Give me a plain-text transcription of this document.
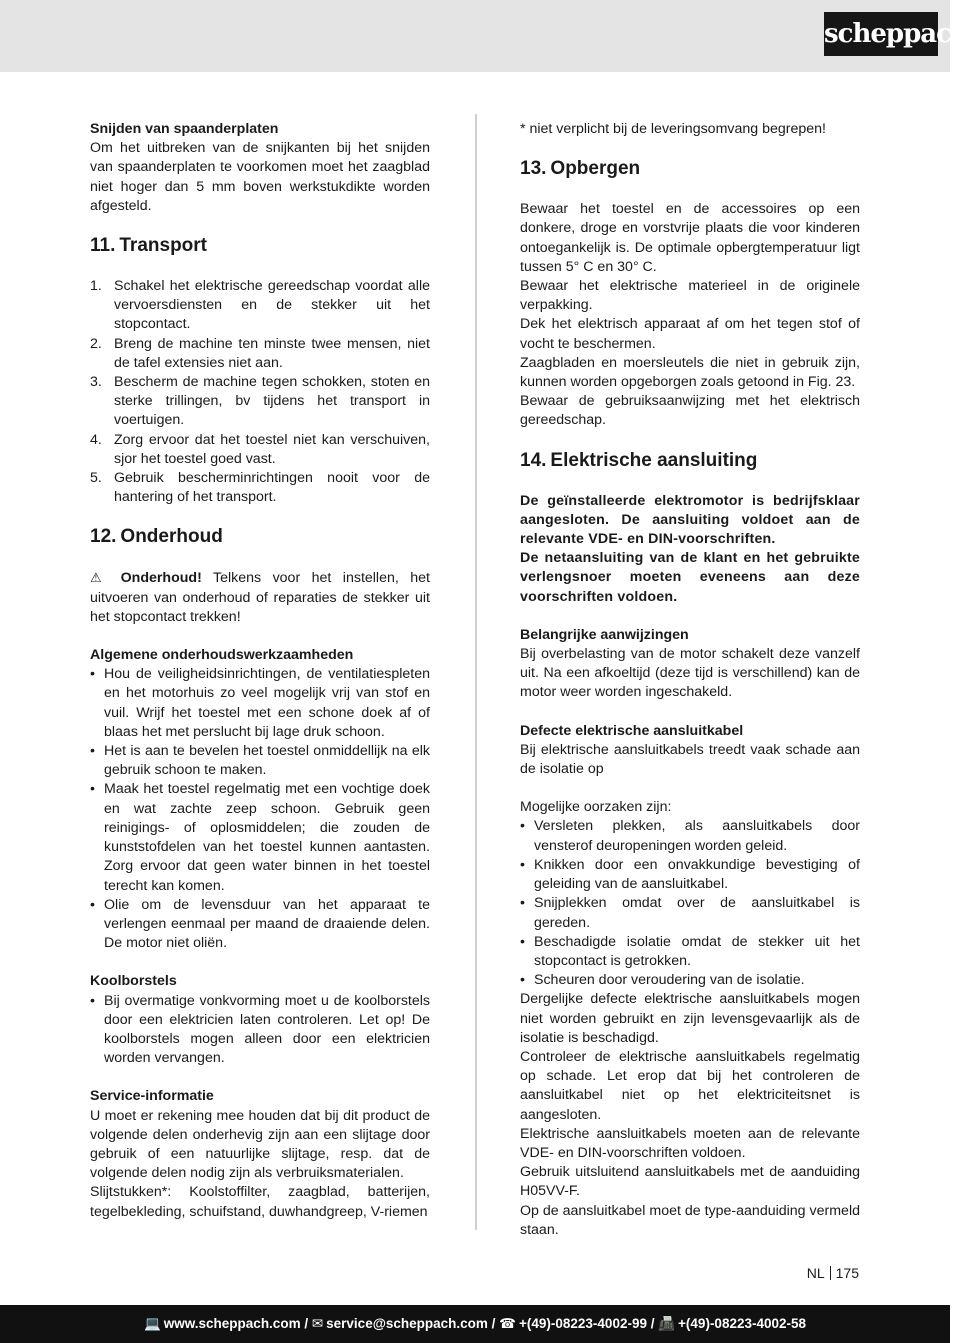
scheppach
Snijden van spaanderplaten

Om het uitbreken van de snijkanten bij het snijden van spaanderplaten te voorkomen moet het zaagblad niet hoger dan 5 mm boven werkstukdikte worden afgesteld.

11. Transport
1. Schakel het elektrische gereedschap voordat alle vervoersdiensten en de stekker uit het stopcontact.
2. Breng de machine ten minste twee mensen, niet de tafel extensies niet aan.
3. Bescherm de machine tegen schokken, stoten en sterke trillingen, bv tijdens het transport in voertuigen.
4. Zorg ervoor dat het toestel niet kan verschuiven, sjor het toestel goed vast.
5. Gebruik bescherminrichtingen nooit voor de hantering of het transport.
12. Onderhoud

⚠ Onderhoud! Telkens voor het instellen, het uitvoeren van onderhoud of reparaties de stekker uit het stopcontact trekken!

Algemene onderhoudswerkzaamheden
• Hou de veiligheidsinrichtingen, de ventilatiespleten en het motorhuis zo veel mogelijk vrij van stof en vuil. Wrijf het toestel met een schone doek af of blaas het met perslucht bij lage druk schoon.
• Het is aan te bevelen het toestel onmiddellijk na elk gebruik schoon te maken.
• Maak het toestel regelmatig met een vochtige doek en wat zachte zeep schoon. Gebruik geen reinigings- of oplosmiddelen; die zouden de kunststofdelen van het toestel kunnen aantasten. Zorg ervoor dat geen water binnen in het toestel terecht kan komen.
• Olie om de levensduur van het apparaat te verlengen eenmaal per maand de draaiende delen. De motor niet oliën.
Koolborstels
• Bij overmatige vonkvorming moet u de koolborstels door een elektricien laten controleren. Let op! De koolborstels mogen alleen door een elektricien worden vervangen.
Service-informatie

U moet er rekening mee houden dat bij dit product de volgende delen onderhevig zijn aan een slijtage door gebruik of een natuurlijke slijtage, resp. dat de volgende delen nodig zijn als verbruiksmaterialen.

Slijtstukken*: Koolstoffilter, zaagblad, batterijen, tegelbekleding, schuifstand, duwhandgreep, V-riemen

* niet verplicht bij de leveringsomvang begrepen!

13. Opbergen

Bewaar het toestel en de accessoires op een donkere, droge en vorstvrije plaats die voor kinderen ontoegankelijk is. De optimale opbergtemperatuur ligt tussen 5° C en 30° C.

Bewaar het elektrische materieel in de originele verpakking.

Dek het elektrisch apparaat af om het tegen stof of vocht te beschermen.

Zaagbladen en moersleutels die niet in gebruik zijn, kunnen worden opgeborgen zoals getoond in Fig. 23.

Bewaar de gebruiksaanwijzing met het elektrisch gereedschap.

14. Elektrische aansluiting

De geïnstalleerde elektromotor is bedrijfsklaar aangesloten. De aansluiting voldoet aan de relevante VDE- en DIN-voorschriften.

De netaansluiting van de klant en het gebruikte verlengsnoer moeten eveneens aan deze voorschriften voldoen.

Belangrijke aanwijzingen

Bij overbelasting van de motor schakelt deze vanzelf uit. Na een afkoeltijd (deze tijd is verschillend) kan de motor weer worden ingeschakeld.

Defecte elektrische aansluitkabel

Bij elektrische aansluitkabels treedt vaak schade aan de isolatie op

Mogelijke oorzaken zijn:

• Versleten plekken, als aansluitkabels door vensterof deuropeningen worden geleid.
• Knikken door een onvakkundige bevestiging of geleiding van de aansluitkabel.
• Snijplekken omdat over de aansluitkabel is gereden.
• Beschadigde isolatie omdat de stekker uit het stopcontact is getrokken.
• Scheuren door veroudering van de isolatie.

Dergelijke defecte elektrische aansluitkabels mogen niet worden gebruikt en zijn levensgevaarlijk als de isolatie is beschadigd.

Controleer de elektrische aansluitkabels regelmatig op schade. Let erop dat bij het controleren de aansluitkabel niet op het elektriciteitsnet is aangesloten.

Elektrische aansluitkabels moeten aan de relevante VDE- en DIN-voorschriften voldoen.

Gebruik uitsluitend aansluitkabels met de aanduiding H05VV-F.

Op de aansluitkabel moet de type-aanduiding vermeld staan.

NL 175
💻 www.scheppach.com / ✉ service@scheppach.com / ☎ +(49)-08223-4002-99 / 📠 +(49)-08223-4002-58
